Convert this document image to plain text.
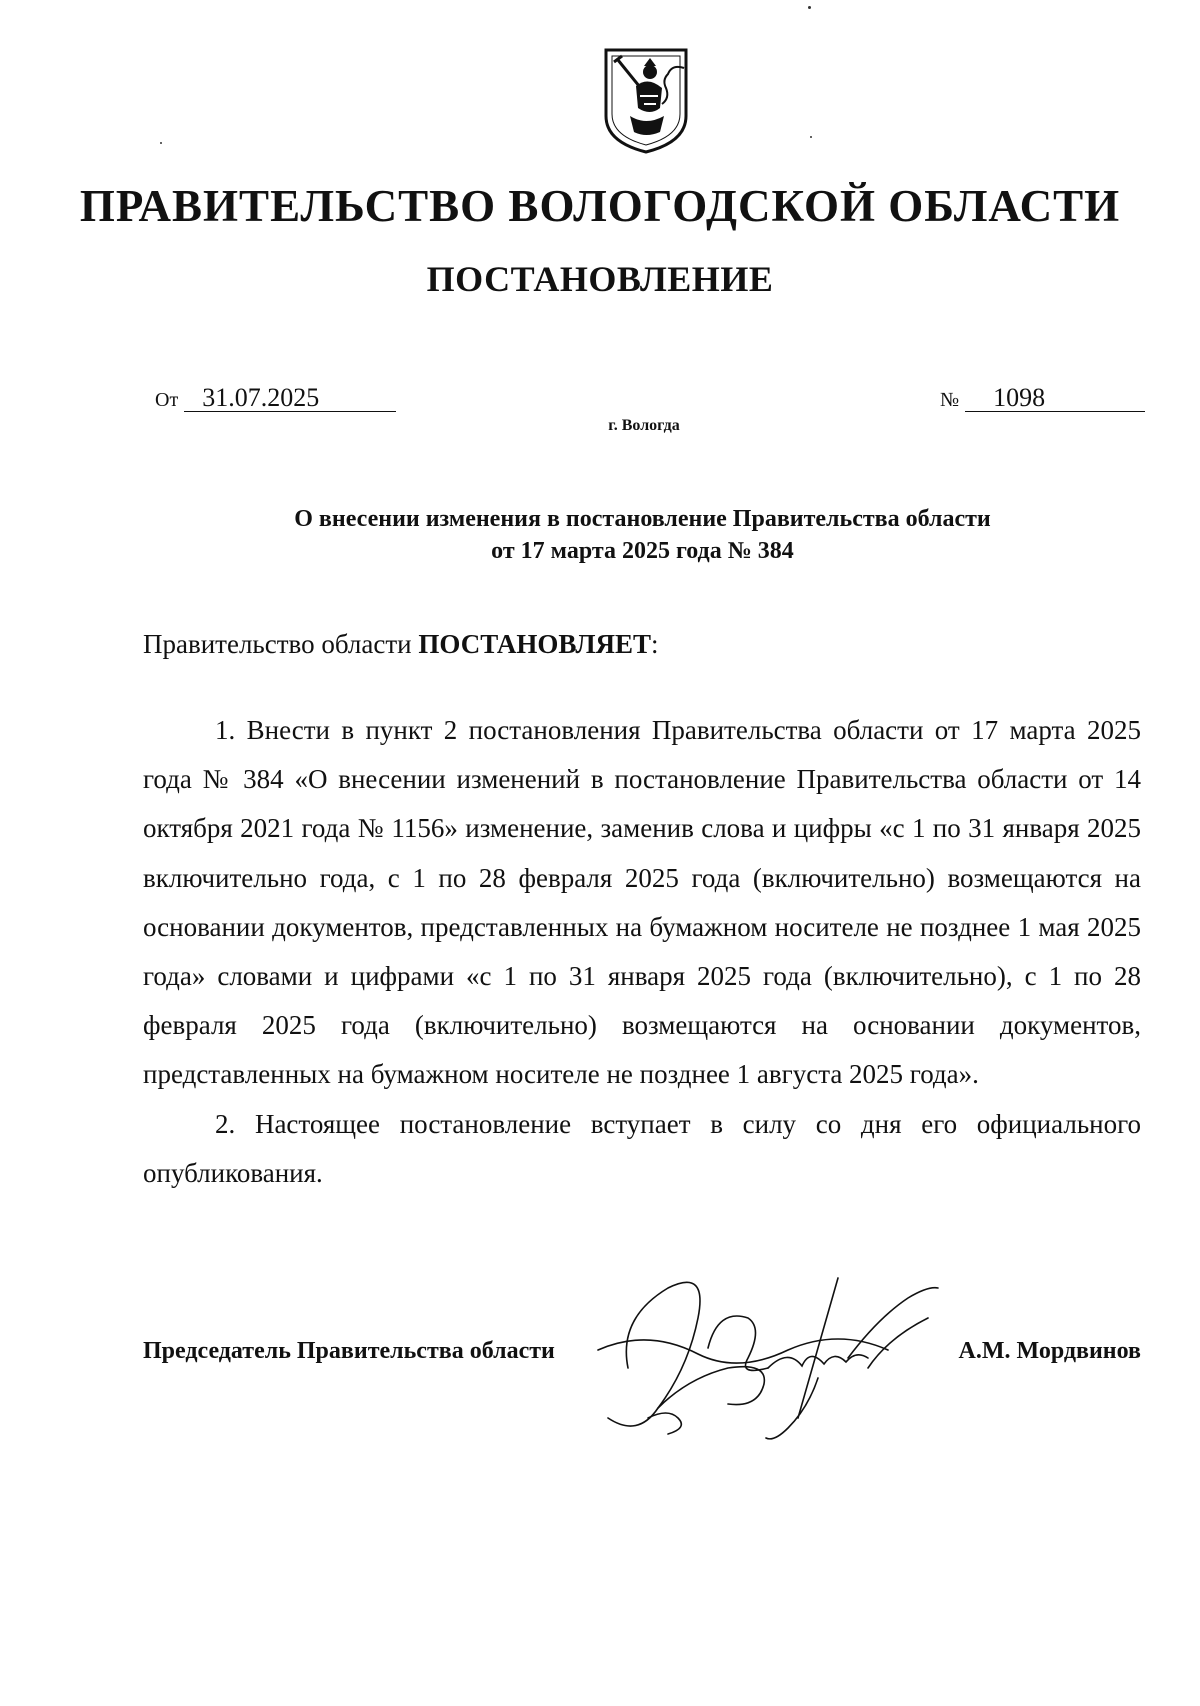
ПРАВИТЕЛЬСТВО ВОЛОГОДСКОЙ ОБЛАСТИ
ПОСТАНОВЛЕНИЕ
От 31.07.2025	№ 1098
г. Вологда
О внесении изменения в постановление Правительства области
от 17 марта 2025 года № 384
Правительство области ПОСТАНОВЛЯЕТ:

1. Внести в пункт 2 постановления Правительства области от 17 марта 2025 года № 384 «О внесении изменений в постановление Правительства области от 14 октября 2021 года № 1156» изменение, заменив слова и цифры «с 1 по 31 января 2025 включительно года, с 1 по 28 февраля 2025 года (включительно) возмещаются на основании документов, представленных на бумажном носителе не позднее 1 мая 2025 года» словами и цифрами «с 1 по 31 января 2025 года (включительно), с 1 по 28 февраля 2025 года (включительно) возмещаются на основании документов, представленных на бумажном носителе не позднее 1 августа 2025 года».

2. Настоящее постановление вступает в силу со дня его официального опубликования.

Председатель Правительства области	А.М. Мордвинов
